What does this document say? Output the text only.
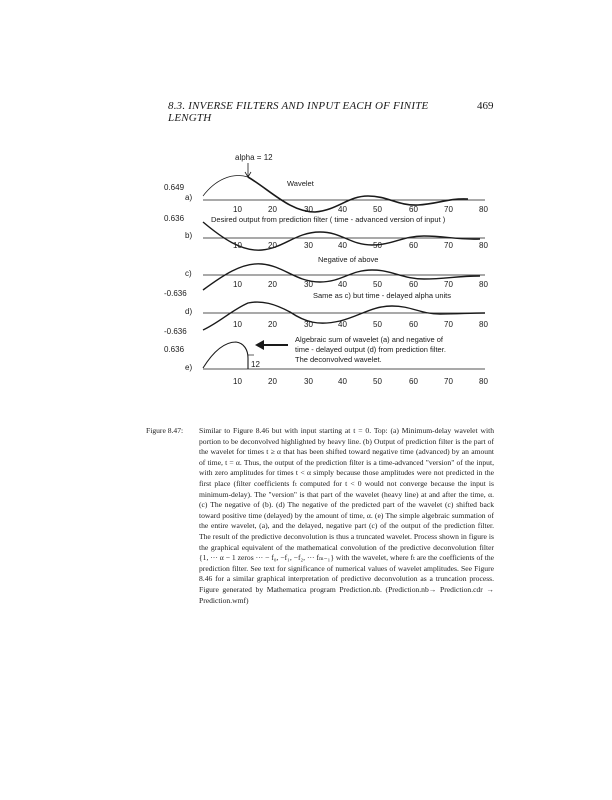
8.3. INVERSE FILTERS AND INPUT EACH OF FINITE LENGTH
469
alpha = 12
0.649
a)
Wavelet
10	20	30	40	50	60	70	80
0.636	Desired output from prediction filter ( time - advanced version of input )
b)
10	20	30	40	50	60	70	80
Negative of above
c)
-0.636
10	20	30	40	50	60	70	80
Same as c) but time - delayed alpha units
d)
-0.636
10	20	30	40	50	60	70	80
0.636
e)	12
Algebraic sum of wavelet (a) and negative of
time - delayed output (d) from prediction filter.
The deconvolved wavelet.
10	20	30	40	50	60	70	80
Figure 8.47:	Similar to Figure 8.46 but with input starting at t = 0. Top: (a) Minimum-delay wavelet with portion to be deconvolved highlighted by heavy line. (b) Output of prediction filter is the part of the wavelet for times t ≥ α that has been shifted toward negative time (advanced) by an amount of time, t = α. Thus, the output of the prediction filter is a time-advanced "version" of the input, with zero amplitudes for times t < α simply because those amplitudes were not predicted in the first place (filter coefficients fₜ computed for t < 0 would not converge because the input is minimum-delay). The "version" is that part of the wavelet (heavy line) at and after the time, α. (c) The negative of (b). (d) The negative of the predicted part of the wavelet (c) shifted back toward positive time (delayed) by the amount of time, α. (e) The simple algebraic summation of the entire wavelet, (a), and the delayed, negative part (c) of the output of the prediction filter. The result of the predictive deconvolution is thus a truncated wavelet. Process shown in figure is the graphical equivalent of the mathematical convolution of the predictive deconvolution filter {1, ··· α − 1 zeros ··· − f₀, −f₁, −f₂, ··· fₘ₋₁} with the wavelet, where fₜ are the coefficients of the prediction filter. See text for significance of numerical values of wavelet amplitudes. See Figure 8.46 for a similar graphical interpretation of predictive deconvolution as a truncation process. Figure generated by Mathematica program Prediction.nb. (Prediction.nb→ Prediction.cdr → Prediction.wmf)
